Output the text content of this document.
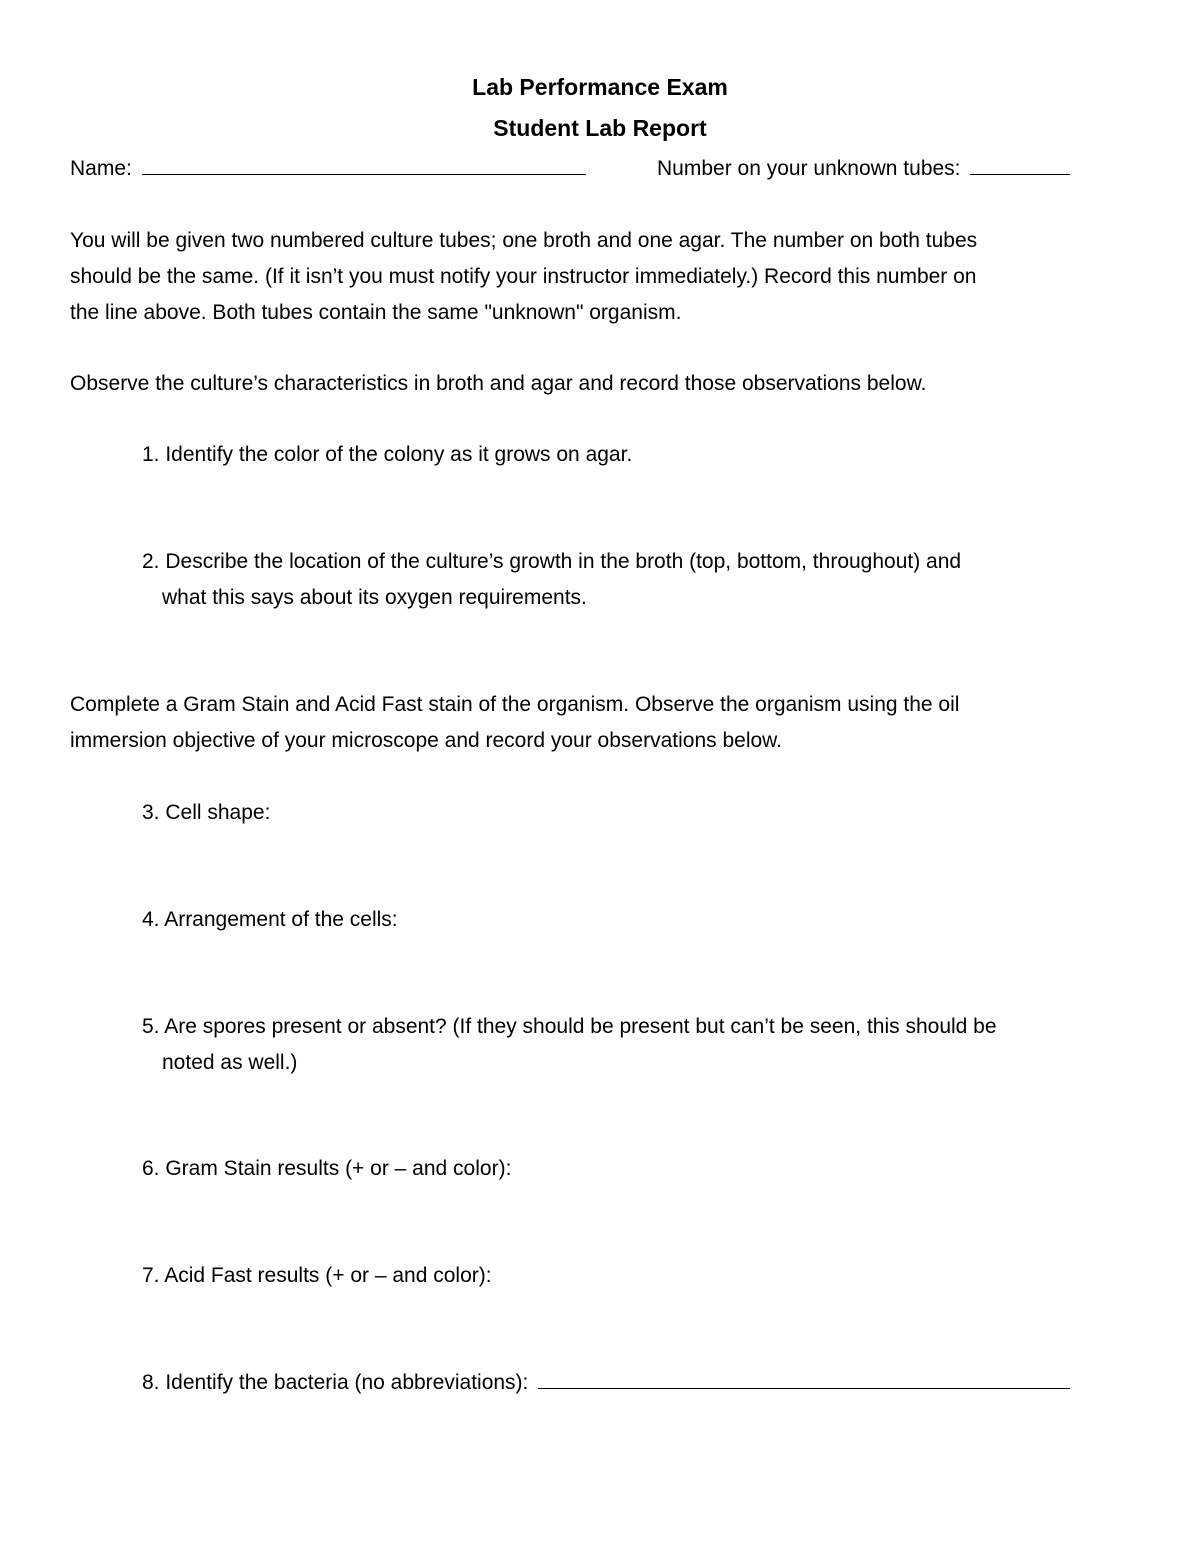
Lab Performance Exam
Student Lab Report
Name:	Number on your unknown tubes:
You will be given two numbered culture tubes; one broth and one agar. The number on both tubes
should be the same. (If it isn’t you must notify your instructor immediately.) Record this number on
the line above. Both tubes contain the same "unknown" organism.
Observe the culture’s characteristics in broth and agar and record those observations below.
1. Identify the color of the colony as it grows on agar.
2. Describe the location of the culture’s growth in the broth (top, bottom, throughout) and
what this says about its oxygen requirements.
Complete a Gram Stain and Acid Fast stain of the organism. Observe the organism using the oil
immersion objective of your microscope and record your observations below.
3. Cell shape:
4. Arrangement of the cells:
5. Are spores present or absent? (If they should be present but can’t be seen, this should be
noted as well.)
6. Gram Stain results (+ or – and color):
7. Acid Fast results (+ or – and color):
8. Identify the bacteria (no abbreviations):
